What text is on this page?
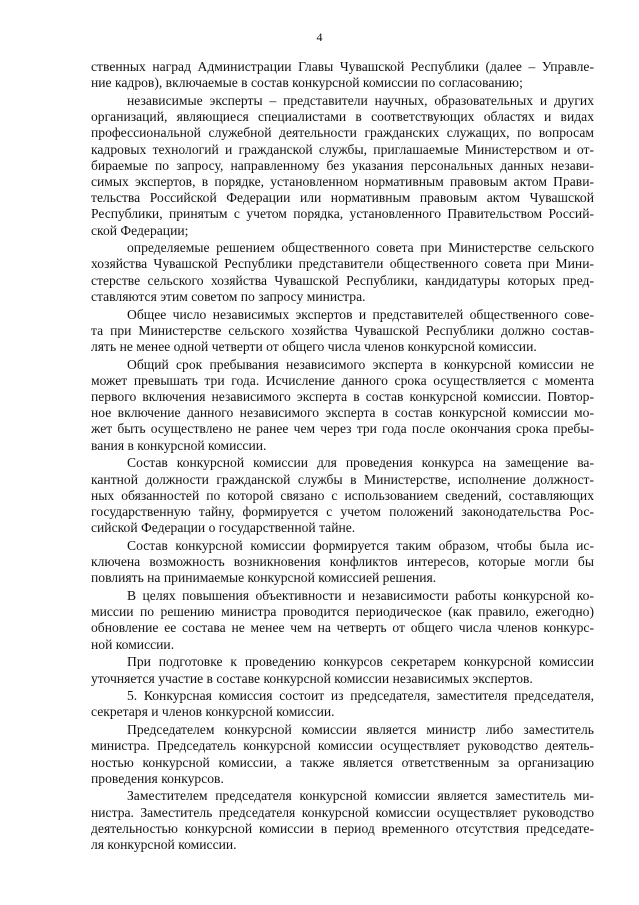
4

ственных наград Администрации Главы Чувашской Республики (далее – Управле-
ние кадров), включаемые в состав конкурсной комиссии по согласованию;

независимые эксперты – представители научных, образовательных и других
организаций, являющиеся специалистами в соответствующих областях и видах
профессиональной служебной деятельности гражданских служащих, по вопросам
кадровых технологий и гражданской службы, приглашаемые Министерством и от-
бираемые по запросу, направленному без указания персональных данных незави-
симых экспертов, в порядке, установленном нормативным правовым актом Прави-
тельства Российской Федерации или нормативным правовым актом Чувашской
Республики, принятым с учетом порядка, установленного Правительством Россий-
ской Федерации;

определяемые решением общественного совета при Министерстве сельского
хозяйства Чувашской Республики представители общественного совета при Мини-
стерстве сельского хозяйства Чувашской Республики, кандидатуры которых пред-
ставляются этим советом по запросу министра.

Общее число независимых экспертов и представителей общественного сове-
та при Министерстве сельского хозяйства Чувашской Республики должно состав-
лять не менее одной четверти от общего числа членов конкурсной комиссии.

Общий срок пребывания независимого эксперта в конкурсной комиссии не
может превышать три года. Исчисление данного срока осуществляется с момента
первого включения независимого эксперта в состав конкурсной комиссии. Повтор-
ное включение данного независимого эксперта в состав конкурсной комиссии мо-
жет быть осуществлено не ранее чем через три года после окончания срока пребы-
вания в конкурсной комиссии.

Состав конкурсной комиссии для проведения конкурса на замещение ва-
кантной должности гражданской службы в Министерстве, исполнение должност-
ных обязанностей по которой связано с использованием сведений, составляющих
государственную тайну, формируется с учетом положений законодательства Рос-
сийской Федерации о государственной тайне.

Состав конкурсной комиссии формируется таким образом, чтобы была ис-
ключена возможность возникновения конфликтов интересов, которые могли бы
повлиять на принимаемые конкурсной комиссией решения.

В целях повышения объективности и независимости работы конкурсной ко-
миссии по решению министра проводится периодическое (как правило, ежегодно)
обновление ее состава не менее чем на четверть от общего числа членов конкурс-
ной комиссии.

При подготовке к проведению конкурсов секретарем конкурсной комиссии
уточняется участие в составе конкурсной комиссии независимых экспертов.

5. Конкурсная комиссия состоит из председателя, заместителя председателя,
секретаря и членов конкурсной комиссии.

Председателем конкурсной комиссии является министр либо заместитель
министра. Председатель конкурсной комиссии осуществляет руководство деятель-
ностью конкурсной комиссии, а также является ответственным за организацию
проведения конкурсов.

Заместителем председателя конкурсной комиссии является заместитель ми-
нистра. Заместитель председателя конкурсной комиссии осуществляет руководство
деятельностью конкурсной комиссии в период временного отсутствия председате-
ля конкурсной комиссии.
